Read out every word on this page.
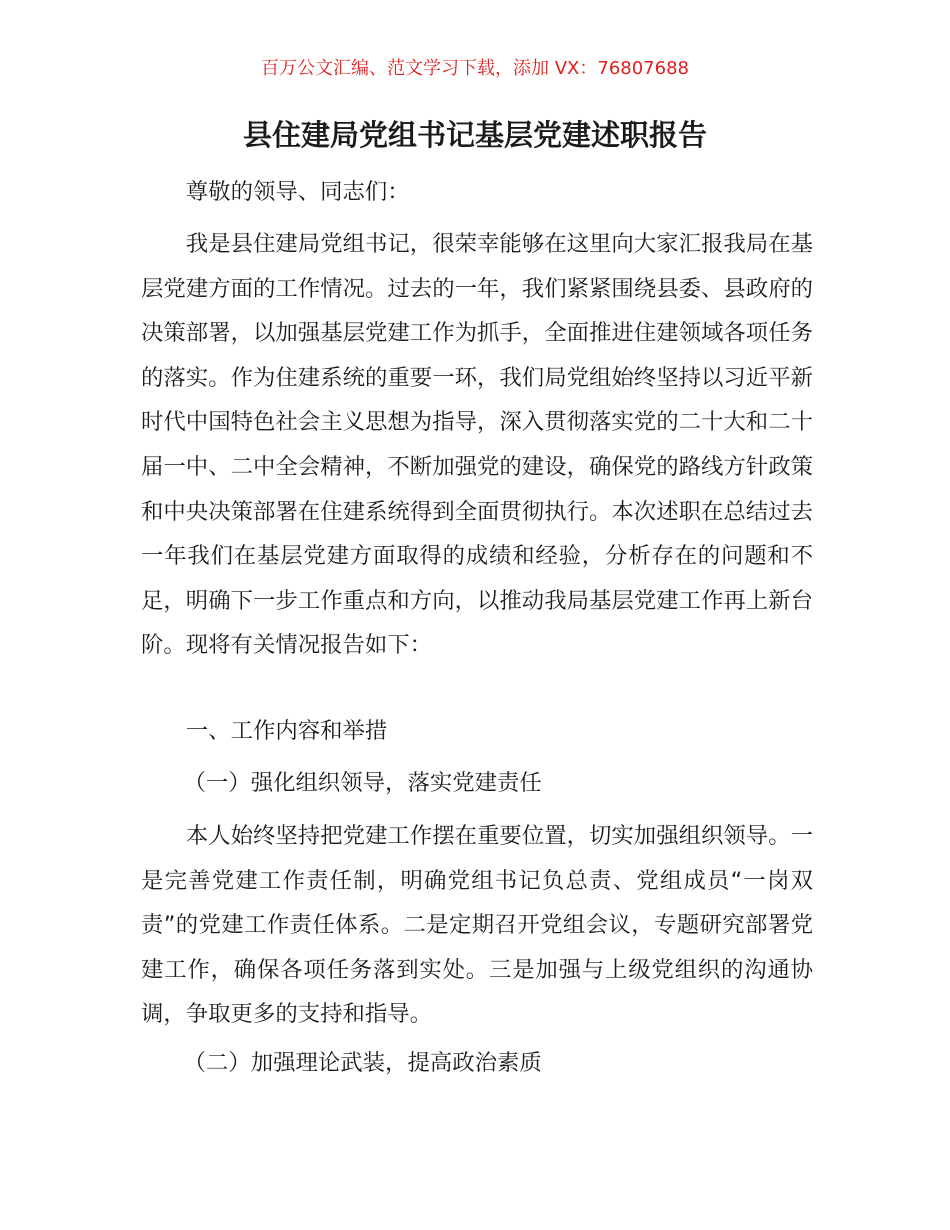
百万公文汇编、范文学习下载，添加 VX：76807688
县住建局党组书记基层党建述职报告

尊敬的领导、同志们：

我是县住建局党组书记，很荣幸能够在这里向大家汇报我局在基层党建方面的工作情况。过去的一年，我们紧紧围绕县委、县政府的决策部署，以加强基层党建工作为抓手，全面推进住建领域各项任务的落实。作为住建系统的重要一环，我们局党组始终坚持以习近平新时代中国特色社会主义思想为指导，深入贯彻落实党的二十大和二十届一中、二中全会精神，不断加强党的建设，确保党的路线方针政策和中央决策部署在住建系统得到全面贯彻执行。本次述职在总结过去一年我们在基层党建方面取得的成绩和经验，分析存在的问题和不足，明确下一步工作重点和方向，以推动我局基层党建工作再上新台阶。现将有关情况报告如下：

一、工作内容和举措

（一）强化组织领导，落实党建责任

本人始终坚持把党建工作摆在重要位置，切实加强组织领导。一是完善党建工作责任制，明确党组书记负总责、党组成员“一岗双责”的党建工作责任体系。二是定期召开党组会议，专题研究部署党建工作，确保各项任务落到实处。三是加强与上级党组织的沟通协调，争取更多的支持和指导。

（二）加强理论武装，提高政治素质
